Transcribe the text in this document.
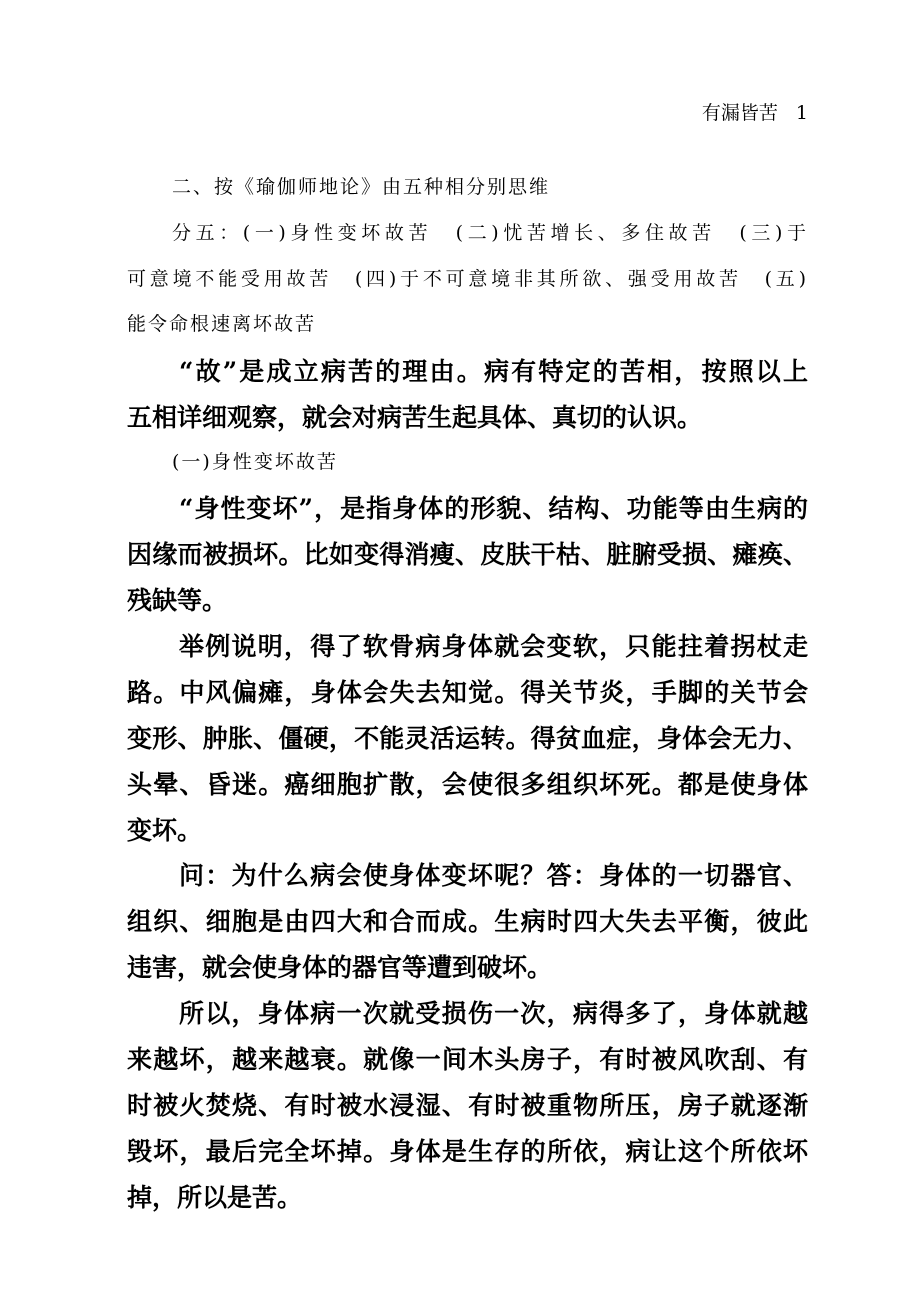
有漏皆苦 1
二、按《瑜伽师地论》由五种相分别思维
分五：(一)身性变坏故苦　(二)忧苦增长、多住故苦　(三)于
可意境不能受用故苦　(四)于不可意境非其所欲、强受用故苦　(五)
能令命根速离坏故苦
“故”是成立病苦的理由。病有特定的苦相，按照以上
五相详细观察，就会对病苦生起具体、真切的认识。
(一)身性变坏故苦
“身性变坏”，是指身体的形貌、结构、功能等由生病的
因缘而被损坏。比如变得消瘦、皮肤干枯、脏腑受损、瘫痪、
残缺等。
举例说明，得了软骨病身体就会变软，只能拄着拐杖走
路。中风偏瘫，身体会失去知觉。得关节炎，手脚的关节会
变形、肿胀、僵硬，不能灵活运转。得贫血症，身体会无力、
头晕、昏迷。癌细胞扩散，会使很多组织坏死。都是使身体
变坏。
问：为什么病会使身体变坏呢？答：身体的一切器官、
组织、细胞是由四大和合而成。生病时四大失去平衡，彼此
违害，就会使身体的器官等遭到破坏。
所以，身体病一次就受损伤一次，病得多了，身体就越
来越坏，越来越衰。就像一间木头房子，有时被风吹刮、有
时被火焚烧、有时被水浸湿、有时被重物所压，房子就逐渐
毁坏，最后完全坏掉。身体是生存的所依，病让这个所依坏
掉，所以是苦。
